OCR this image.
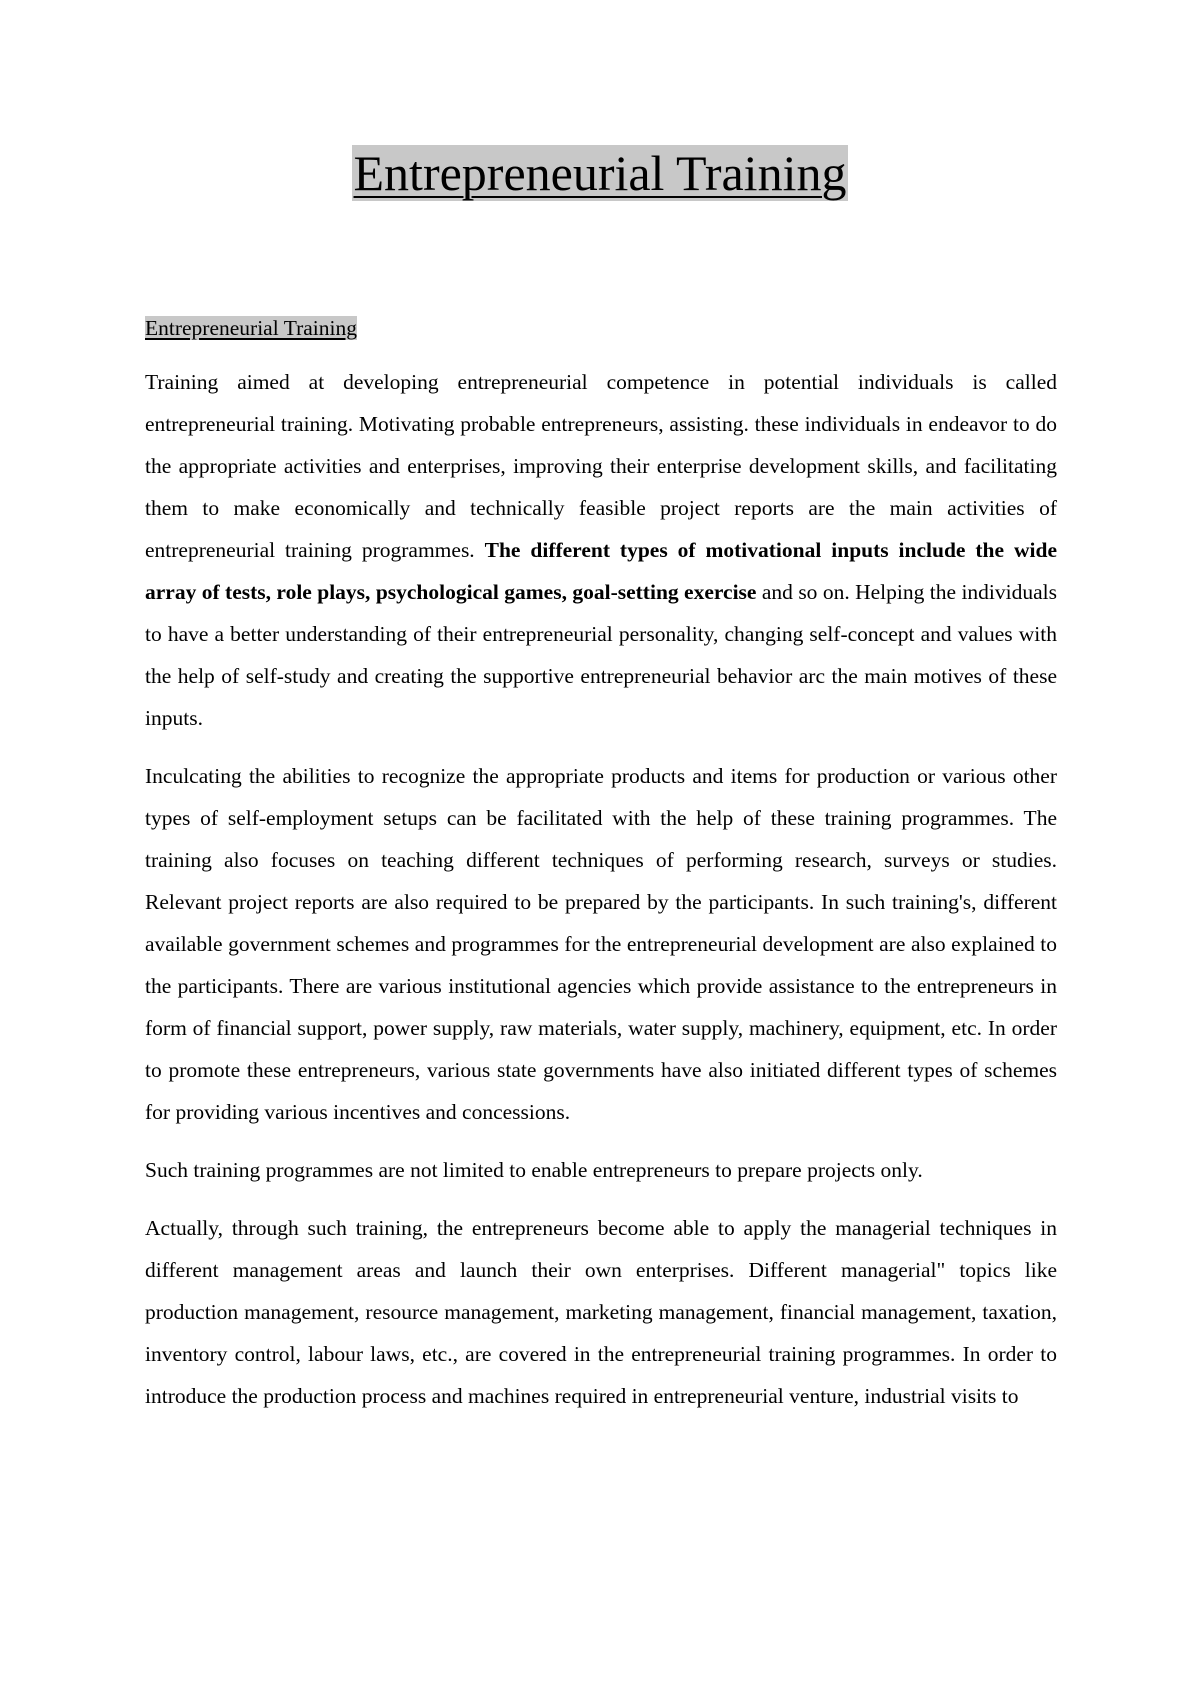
Entrepreneurial Training
Entrepreneurial Training

Training aimed at developing entrepreneurial competence in potential individuals is called entrepreneurial training. Motivating probable entrepreneurs, assisting. these individuals in endeavor to do the appropriate activities and enterprises, improving their enterprise development skills, and facilitating them to make economically and technically feasible project reports are the main activities of entrepreneurial training programmes. The different types of motivational inputs include the wide array of tests, role plays, psychological games, goal-setting exercise and so on. Helping the individuals to have a better understanding of their entrepreneurial personality, changing self-concept and values with the help of self-study and creating the supportive entrepreneurial behavior arc the main motives of these inputs.

Inculcating the abilities to recognize the appropriate products and items for production or various other types of self-employment setups can be facilitated with the help of these training programmes. The training also focuses on teaching different techniques of performing research, surveys or studies. Relevant project reports are also required to be prepared by the participants. In such training's, different available government schemes and programmes for the entrepreneurial development are also explained to the participants. There are various institutional agencies which provide assistance to the entrepreneurs in form of financial support, power supply, raw materials, water supply, machinery, equipment, etc. In order to promote these entrepreneurs, various state governments have also initiated different types of schemes for providing various incentives and concessions.

Such training programmes are not limited to enable entrepreneurs to prepare projects only.

Actually, through such training, the entrepreneurs become able to apply the managerial techniques in different management areas and launch their own enterprises. Different managerial" topics like production management, resource management, marketing management, financial management, taxation, inventory control, labour laws, etc., are covered in the entrepreneurial training programmes. In order to introduce the production process and machines required in entrepreneurial venture, industrial visits to
